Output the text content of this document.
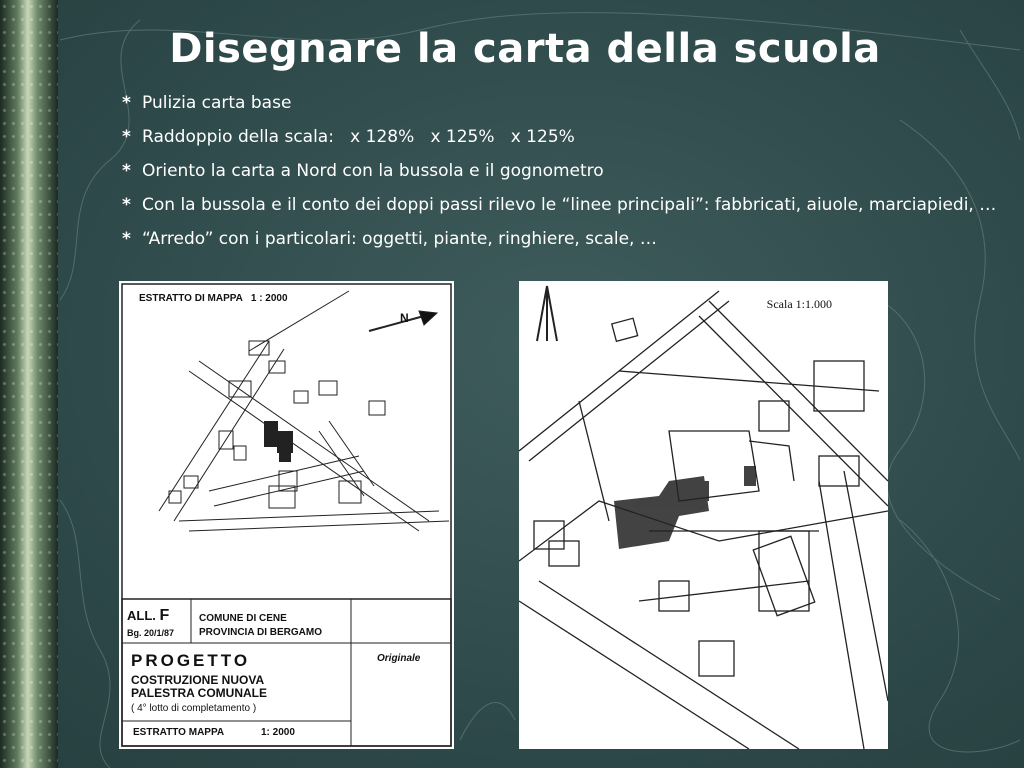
Disegnare la carta della scuola
* Pulizia carta base
* Raddoppio della scala:   x 128%   x 125%   x 125%
* Oriento la carta a Nord con la bussola e il gognometro
* Con la bussola e il conto dei doppi passi rilevo le “linee principali”: fabbricati, aiuole, marciapiedi, …
* “Arredo” con i particolari: oggetti, piante, ringhiere, scale, …
ESTRATTO DI MAPPA   1 : 2000
N
ALL. F
Bg. 20/1/87
COMUNE DI CENE
PROVINCIA DI BERGAMO
Originale
PROGETTO
COSTRUZIONE NUOVA
PALESTRA COMUNALE
( 4° lotto di completamento )
ESTRATTO MAPPA	1: 2000
Scala 1:1.000
